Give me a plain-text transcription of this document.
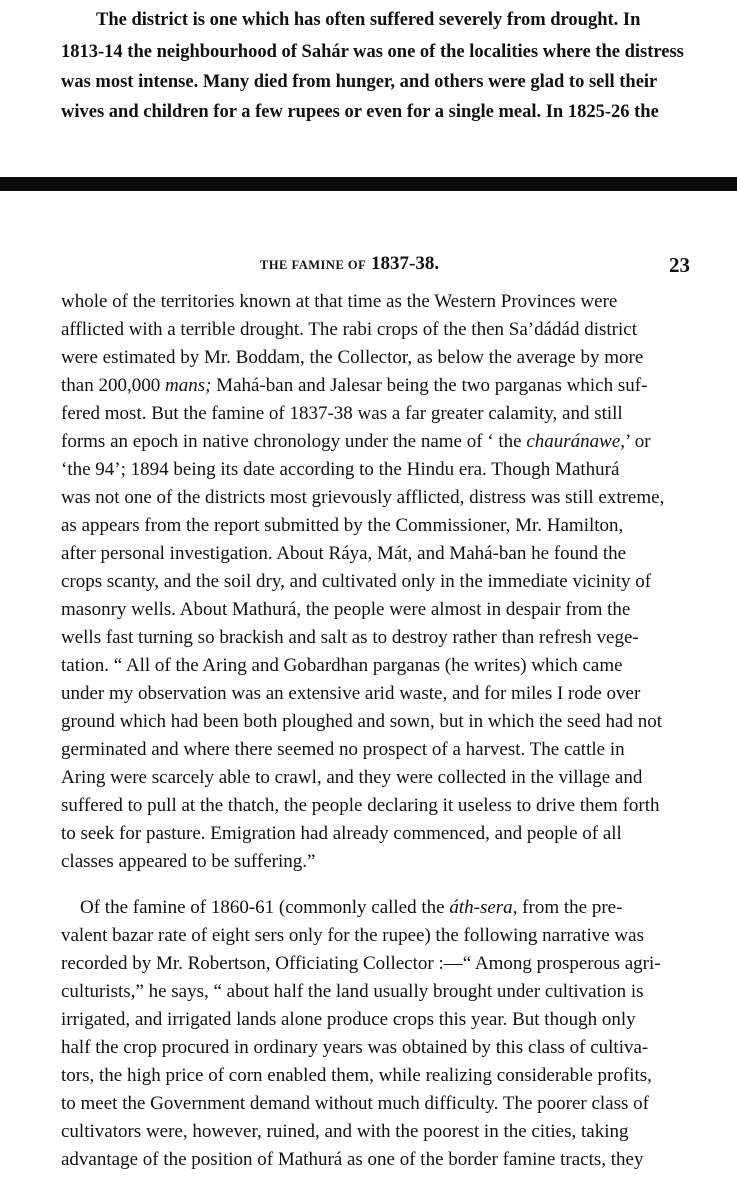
The district is one which has often suffered severely from drought. In
1813-14 the neighbourhood of Sahár was one of the localities where the distress
was most intense. Many died from hunger, and others were glad to sell their
wives and children for a few rupees or even for a single meal. In 1825-26 the
THE FAMINE OF 1837-38.	23
whole of the territories known at that time as the Western Provinces were
afflicted with a terrible drought. The rabi crops of the then Sa’dádád district
were estimated by Mr. Boddam, the Collector, as below the average by more
than 200,000 mans; Mahá-ban and Jalesar being the two parganas which suf-
fered most. But the famine of 1837-38 was a far greater calamity, and still
forms an epoch in native chronology under the name of ‘ the chauránawe,’ or
‘the 94’; 1894 being its date according to the Hindu era. Though Mathurá
was not one of the districts most grievously afflicted, distress was still extreme,
as appears from the report submitted by the Commissioner, Mr. Hamilton,
after personal investigation. About Ráya, Mát, and Mahá-ban he found the
crops scanty, and the soil dry, and cultivated only in the immediate vicinity of
masonry wells. About Mathurá, the people were almost in despair from the
wells fast turning so brackish and salt as to destroy rather than refresh vege-
tation. “ All of the Aring and Gobardhan parganas (he writes) which came
under my observation was an extensive arid waste, and for miles I rode over
ground which had been both ploughed and sown, but in which the seed had not
germinated and where there seemed no prospect of a harvest. The cattle in
Aring were scarcely able to crawl, and they were collected in the village and
suffered to pull at the thatch, the people declaring it useless to drive them forth
to seek for pasture. Emigration had already commenced, and people of all
classes appeared to be suffering.”
Of the famine of 1860-61 (commonly called the áth-sera, from the pre-
valent bazar rate of eight sers only for the rupee) the following narrative was
recorded by Mr. Robertson, Officiating Collector :—“ Among prosperous agri-
culturists,” he says, “ about half the land usually brought under cultivation is
irrigated, and irrigated lands alone produce crops this year. But though only
half the crop procured in ordinary years was obtained by this class of cultiva-
tors, the high price of corn enabled them, while realizing considerable profits,
to meet the Government demand without much difficulty. The poorer class of
cultivators were, however, ruined, and with the poorest in the cities, taking
advantage of the position of Mathurá as one of the border famine tracts, they
